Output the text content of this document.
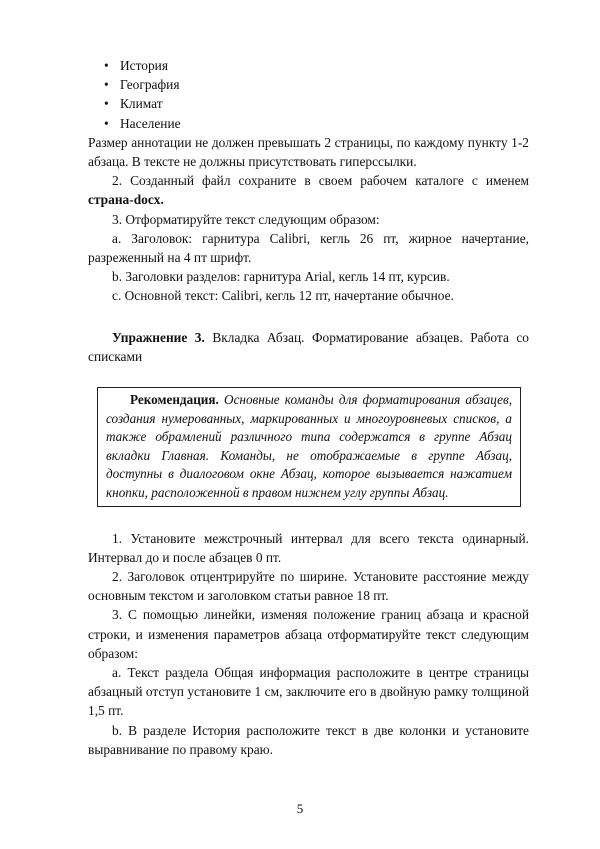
• История
• География
• Климат
• Население

Размер аннотации не должен превышать 2 страницы, по каждому пункту 1-2 абзаца. В тексте не должны присутствовать гиперссылки.

2. Созданный файл сохраните в своем рабочем каталоге с именем страна-docx.

3. Отформатируйте текст следующим образом:

a. Заголовок: гарнитура Calibri, кегль 26 пт, жирное начертание, разреженный на 4 пт шрифт.

b. Заголовки разделов: гарнитура Arial, кегль 14 пт, курсив.

c. Основной текст: Calibri, кегль 12 пт, начертание обычное.

Упражнение 3. Вкладка Абзац. Форматирование абзацев. Работа со списками

Рекомендация. Основные команды для форматирования абзацев, создания нумерованных, маркированных и многоуровневых списков, а также обрамлений различного типа содержатся в группе Абзац вкладки Главная. Команды, не отображаемые в группе Абзац, доступны в диалоговом окне Абзац, которое вызывается нажатием кнопки, расположенной в правом нижнем углу группы Абзац.

1. Установите межстрочный интервал для всего текста одинарный. Интервал до и после абзацев 0 пт.

2. Заголовок отцентрируйте по ширине. Установите расстояние между основным текстом и заголовком статьи равное 18 пт.

3. С помощью линейки, изменяя положение границ абзаца и красной строки, и изменения параметров абзаца отформатируйте текст следующим образом:

a. Текст раздела Общая информация расположите в центре страницы абзацный отступ установите 1 см, заключите его в двойную рамку толщиной 1,5 пт.

b. В разделе История расположите текст в две колонки и установите выравнивание по правому краю.

5
